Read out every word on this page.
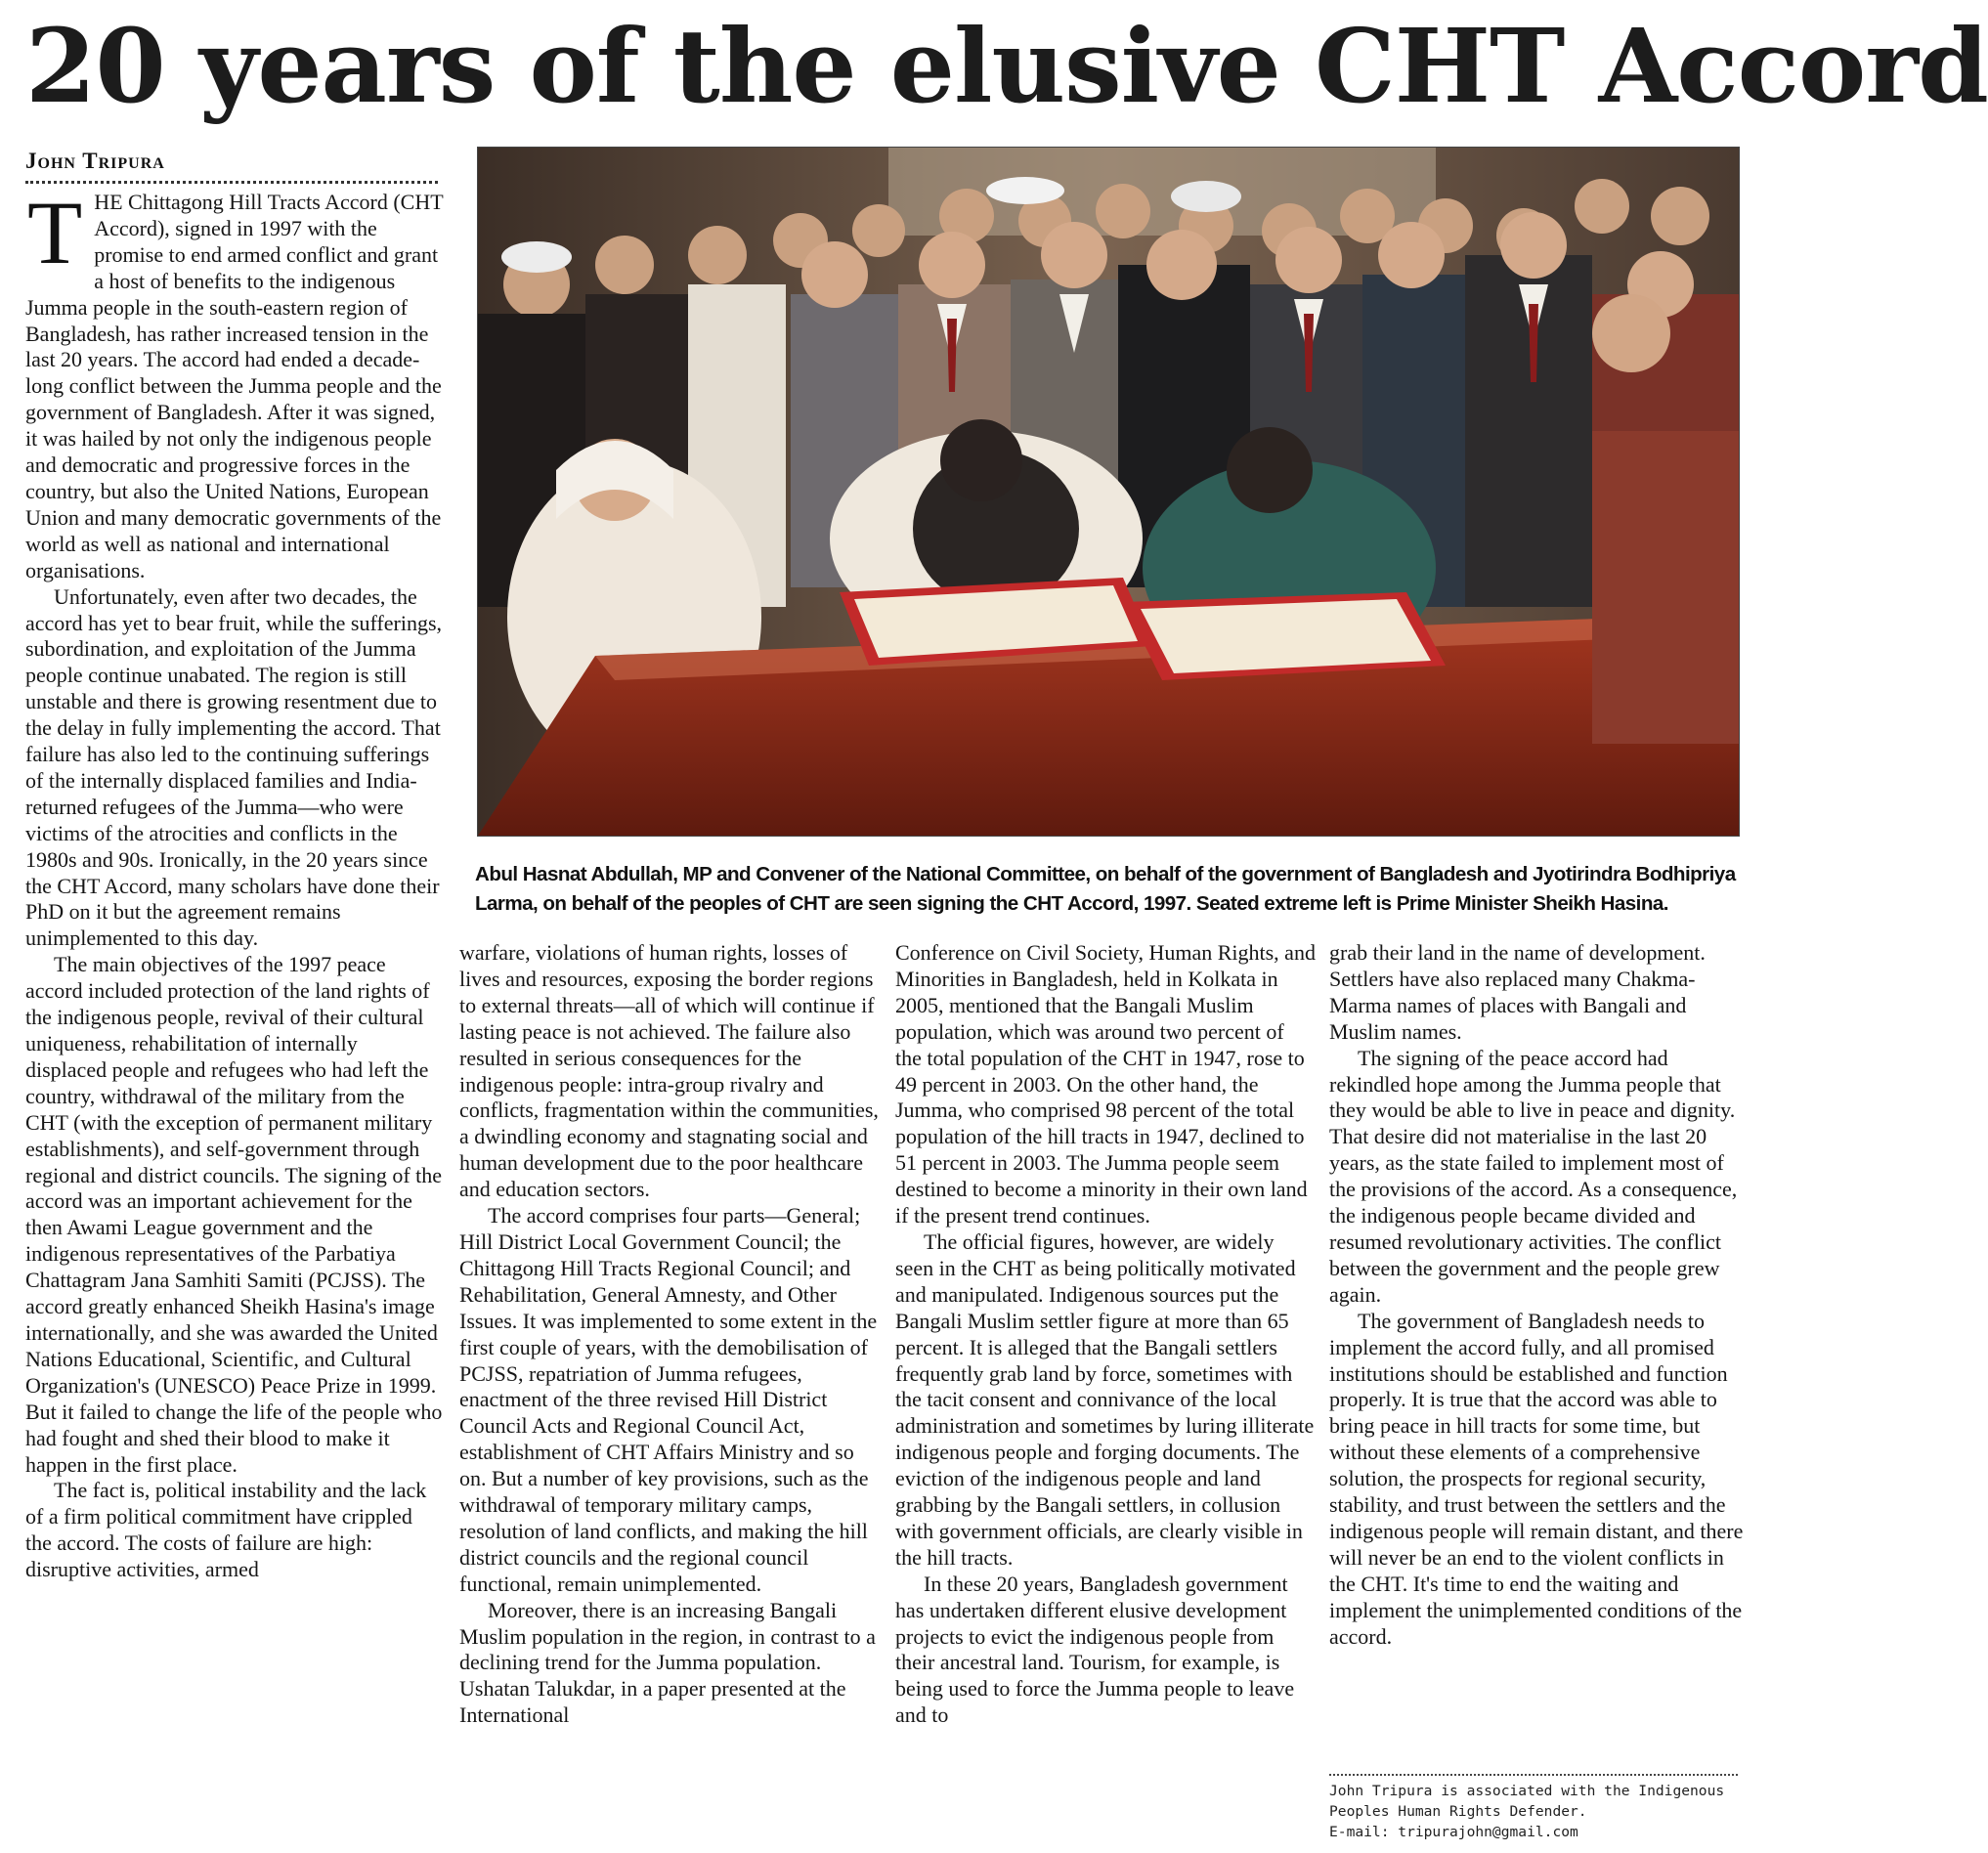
20 years of the elusive CHT Accord
John Tripura
Abul Hasnat Abdullah, MP and Convener of the National Committee, on behalf of the government of Bangladesh and Jyotirindra Bodhipriya Larma, on behalf of the peoples of CHT are seen signing the CHT Accord, 1997. Seated extreme left is Prime Minister Sheikh Hasina.
T HE Chittagong Hill Tracts Accord (CHT Accord), signed in 1997 with the promise to end armed conflict and grant a host of benefits to the indigenous Jumma people in the south-eastern region of Bangladesh, has rather increased tension in the last 20 years. The accord had ended a decade-long conflict between the Jumma people and the government of Bangladesh. After it was signed, it was hailed by not only the indigenous people and democratic and progressive forces in the country, but also the United Nations, European Union and many democratic governments of the world as well as national and international organisations.

Unfortunately, even after two decades, the accord has yet to bear fruit, while the sufferings, subordination, and exploitation of the Jumma people continue unabated. The region is still unstable and there is growing resentment due to the delay in fully implementing the accord. That failure has also led to the continuing sufferings of the internally displaced families and India-returned refugees of the Jumma—who were victims of the atrocities and conflicts in the 1980s and 90s. Ironically, in the 20 years since the CHT Accord, many scholars have done their PhD on it but the agreement remains unimplemented to this day.

The main objectives of the 1997 peace accord included protection of the land rights of the indigenous people, revival of their cultural uniqueness, rehabilitation of internally displaced people and refugees who had left the country, withdrawal of the military from the CHT (with the exception of permanent military establishments), and self-government through regional and district councils. The signing of the accord was an important achievement for the then Awami League government and the indigenous representatives of the Parbatiya Chattagram Jana Samhiti Samiti (PCJSS). The accord greatly enhanced Sheikh Hasina's image internationally, and she was awarded the United Nations Educational, Scientific, and Cultural Organization's (UNESCO) Peace Prize in 1999. But it failed to change the life of the people who had fought and shed their blood to make it happen in the first place.

The fact is, political instability and the lack of a firm political commitment have crippled the accord. The costs of failure are high: disruptive activities, armed

warfare, violations of human rights, losses of lives and resources, exposing the border regions to external threats—all of which will continue if lasting peace is not achieved. The failure also resulted in serious consequences for the indigenous people: intra-group rivalry and conflicts, fragmentation within the communities, a dwindling economy and stagnating social and human development due to the poor healthcare and education sectors.

The accord comprises four parts—General; Hill District Local Government Council; the Chittagong Hill Tracts Regional Council; and Rehabilitation, General Amnesty, and Other Issues. It was implemented to some extent in the first couple of years, with the demobilisation of PCJSS, repatriation of Jumma refugees, enactment of the three revised Hill District Council Acts and Regional Council Act, establishment of CHT Affairs Ministry and so on. But a number of key provisions, such as the withdrawal of temporary military camps, resolution of land conflicts, and making the hill district councils and the regional council functional, remain unimplemented.

Moreover, there is an increasing Bangali Muslim population in the region, in contrast to a declining trend for the Jumma population. Ushatan Talukdar, in a paper presented at the International

Conference on Civil Society, Human Rights, and Minorities in Bangladesh, held in Kolkata in 2005, mentioned that the Bangali Muslim population, which was around two percent of the total population of the CHT in 1947, rose to 49 percent in 2003. On the other hand, the Jumma, who comprised 98 percent of the total population of the hill tracts in 1947, declined to 51 percent in 2003. The Jumma people seem destined to become a minority in their own land if the present trend continues.

The official figures, however, are widely seen in the CHT as being politically motivated and manipulated. Indigenous sources put the Bangali Muslim settler figure at more than 65 percent. It is alleged that the Bangali settlers frequently grab land by force, sometimes with the tacit consent and connivance of the local administration and sometimes by luring illiterate indigenous people and forging documents. The eviction of the indigenous people and land grabbing by the Bangali settlers, in collusion with government officials, are clearly visible in the hill tracts.

In these 20 years, Bangladesh government has undertaken different elusive development projects to evict the indigenous people from their ancestral land. Tourism, for example, is being used to force the Jumma people to leave and to

grab their land in the name of development. Settlers have also replaced many Chakma-Marma names of places with Bangali and Muslim names.

The signing of the peace accord had rekindled hope among the Jumma people that they would be able to live in peace and dignity. That desire did not materialise in the last 20 years, as the state failed to implement most of the provisions of the accord. As a consequence, the indigenous people became divided and resumed revolutionary activities. The conflict between the government and the people grew again.

The government of Bangladesh needs to implement the accord fully, and all promised institutions should be established and function properly. It is true that the accord was able to bring peace in hill tracts for some time, but without these elements of a comprehensive solution, the prospects for regional security, stability, and trust between the settlers and the indigenous people will remain distant, and there will never be an end to the violent conflicts in the CHT. It's time to end the waiting and implement the unimplemented conditions of the accord.

John Tripura is associated with the Indigenous
Peoples Human Rights Defender.
E-mail: tripurajohn@gmail.com
